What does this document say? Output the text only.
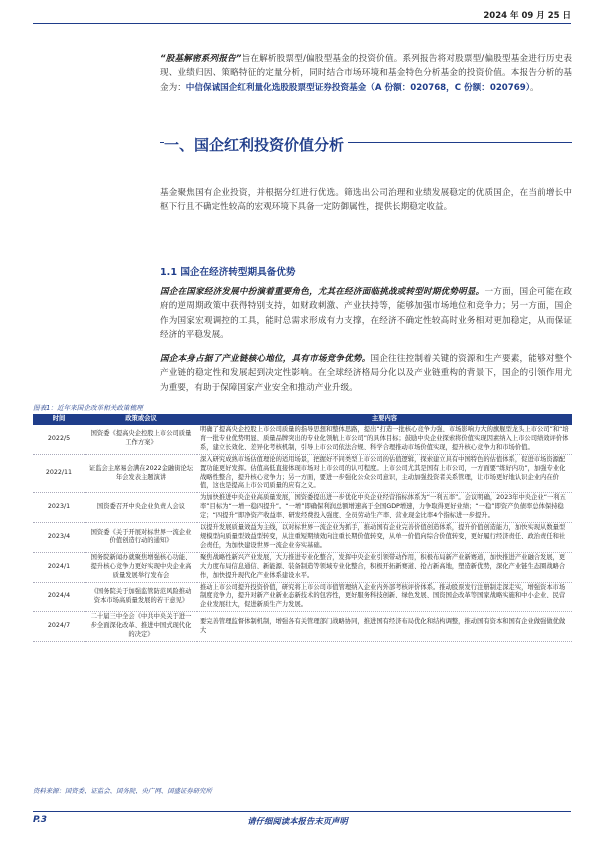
2024 年 09 月 25 日
“股基解密系列报告”旨在解析股票型/偏股型基金的投资价值。系列报告将对股票型/偏股型基金进行历史表现、业绩归因、策略特征的定量分析，同时结合市场环境和基金特色分析基金的投资价值。本报告分析的基金为：中信保诚国企红利量化选股股票型证券投资基金（A 份额：020768，C 份额：020769）。
一、国企红利投资价值分析
基金聚焦国有企业投资，并根据分红进行优选。筛选出公司治理和业绩发展稳定的优质国企，在当前增长中枢下行且不确定性较高的宏观环境下具备一定防御属性，提供长期稳定收益。
1.1 国企在经济转型期具备优势
国企在国家经济发展中扮演着重要角色，尤其在经济面临挑战或转型时期优势明显。一方面，国企可能在政府的逆周期政策中获得特别支持，如财政刺激、产业扶持等，能够加强市场地位和竞争力；另一方面，国企作为国家宏观调控的工具，能时总需求形成有力支撑，在经济不确定性较高时业务相对更加稳定，从而保证经济的平稳发展。
国企本身占据了产业链核心地位，具有市场竞争优势。国企往往控制着关键的资源和生产要素，能够对整个产业链的稳定性和发展起到决定性影响。在全球经济格局分化以及产业链重构的背景下，国企的引领作用尤为重要，有助于保障国家产业安全和推动产业升级。
图表1：近年来国企改革相关政策梳理
时间	政策或会议	主要内容
2022/5	国资委《提高央企控股上市公司质量工作方案》	明确了提高央企控股上市公司质量的指导思想和整体思路，提出“打造一批核心竞争力强、市场影响力大的旗舰型龙头上市公司”和“培育一批专业优势明显、质量品牌突出的专业化领航上市公司”的具体目标；鼓励中央企业探索将价值实现因素纳入上市公司绩效评价体系，建立长效化、差异化考核机制，引导上市公司依法合规、科学合理推动市场价值实现，提升核心竞争力和市场价值。
2022/11	证监会主席易会满在2022金融街论坛年会发表主题演讲	深入研究成熟市场估值理论的适用场景，把握好不同类型上市公司的估值逻辑，探索建立具有中国特色的估值体系，促进市场资源配置功能更好发挥。估值高低直接体现市场对上市公司的认可程度。上市公司尤其是国有上市公司，一方面要“练好内功”，加强专业化战略性整合，提升核心竞争力；另一方面，要进一步强化公众公司意识，主动加强投资者关系管理，让市场更好地认识企业内在价值，这也是提高上市公司质量的应有之义。
2023/1	国资委召开中央企业负责人会议	为加快推进中央企业高质量发展，国资委提出进一步优化中央企业经营指标体系为“一利五率”。会议明确，2023年中央企业“一利五率”目标为“一增一稳四提升”。“一增”即确保利润总额增速高于全国GDP增速，力争取得更好业绩；“一稳”即资产负债率总体保持稳定；“四提升”即净资产收益率、研发经费投入强度、全员劳动生产率、营业现金比率4个指标进一步提升。
2023/4	国资委《关于开展对标世界一流企业价值创造行动的通知》	以提升发展质量效益为主线，以对标世界一流企业为抓手，推动国有企业完善价值创造体系，提升价值创造能力，加快实现从数量型规模型向质量型效益型转变，从注重短期绩效向注重长期价值转变，从单一价值向综合价值转变，更好履行经济责任、政治责任和社会责任，为加快建设世界一流企业夯实基础。
2024/1	国务院新闻办就聚焦增强核心功能、提升核心竞争力更好实现中央企业高质量发展举行发布会	聚焦战略性新兴产业发展，大力推进专业化整合，发挥中央企业引领带动作用，积极布局新产业新赛道，加快推进产业融合发展，更大力度布局信息通信、新能源、装备制造等领域专业化整合，积极开拓新赛道、抢占新高地，塑造新优势，深化产业链生态圈战略合作，加快提升现代化产业体系建设水平。
2024/4	《国务院关于加强监管防范风险推动资本市场高质量发展的若干意见》	推动上市公司提升投资价值，研究将上市公司市值管理纳入企业内外部考核评价体系。推动股票发行注册制走深走实，增强资本市场制度竞争力，提升对新产业新业态新技术的包容性，更好服务科技创新、绿色发展、国资国企改革等国家战略实施和中小企业、民营企业发展壮大，促进新质生产力发展。
2024/7	二十届三中全会《中共中央关于进一步全面深化改革、推进中国式现代化的决定》	要完善管理监督体制机制，增强各有关管理部门战略协同，推进国有经济布局优化和结构调整，推动国有资本和国有企业做强做优做大
资料来源：国资委、证监会、国务院、央广网、国盛证券研究所
P.3	请仔细阅读本报告末页声明
